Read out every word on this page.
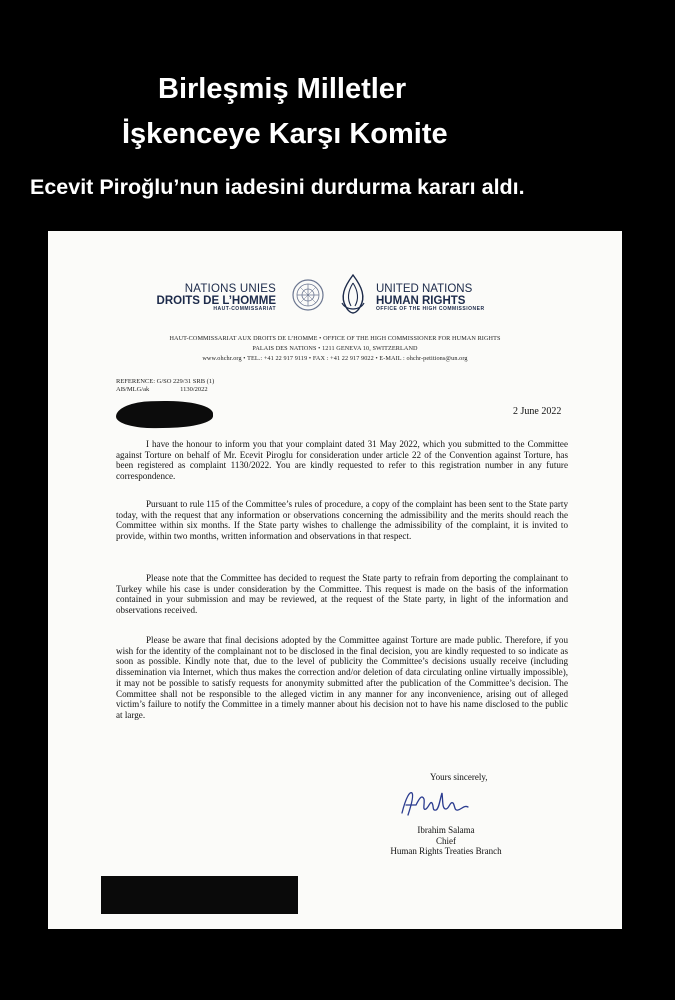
Birleşmiş Milletler
İşkenceye Karşı Komite
Ecevit Piroğlu’nun iadesini durdurma kararı aldı.
NATIONS UNIES
DROITS DE L’HOMME
HAUT-COMMISSARIAT
UNITED NATIONS
HUMAN RIGHTS
OFFICE OF THE HIGH COMMISSIONER
HAUT-COMMISSARIAT AUX DROITS DE L’HOMME • OFFICE OF THE HIGH COMMISSIONER FOR HUMAN RIGHTS
PALAIS DES NATIONS • 1211 GENEVA 10, SWITZERLAND
www.ohchr.org • TEL.: +41 22 917 9119 • FAX : +41 22 917 9022 • E-MAIL : ohchr-petitions@un.org
REFERENCE: G/SO 229/31 SRB (1)
AB/MLG/ak                   1130/2022
2 June 2022
I have the honour to inform you that your complaint dated 31 May 2022, which you submitted to the Committee against Torture on behalf of Mr. Ecevit Piroglu for consideration under article 22 of the Convention against Torture, has been registered as complaint 1130/2022. You are kindly requested to refer to this registration number in any future correspondence.
Pursuant to rule 115 of the Committee’s rules of procedure, a copy of the complaint has been sent to the State party today, with the request that any information or observations concerning the admissibility and the merits should reach the Committee within six months. If the State party wishes to challenge the admissibility of the complaint, it is invited to provide, within two months, written information and observations in that respect.
Please note that the Committee has decided to request the State party to refrain from deporting the complainant to Turkey while his case is under consideration by the Committee. This request is made on the basis of the information contained in your submission and may be reviewed, at the request of the State party, in light of the information and observations received.
Please be aware that final decisions adopted by the Committee against Torture are made public. Therefore, if you wish for the identity of the complainant not to be disclosed in the final decision, you are kindly requested to so indicate as soon as possible. Kindly note that, due to the level of publicity the Committee’s decisions usually receive (including dissemination via Internet, which thus makes the correction and/or deletion of data circulating online virtually impossible), it may not be possible to satisfy requests for anonymity submitted after the publication of the Committee’s decision. The Committee shall not be responsible to the alleged victim in any manner for any inconvenience, arising out of alleged victim’s failure to notify the Committee in a timely manner about his decision not to have his name disclosed to the public at large.
Yours sincerely,
Ibrahim Salama
Chief
Human Rights Treaties Branch
